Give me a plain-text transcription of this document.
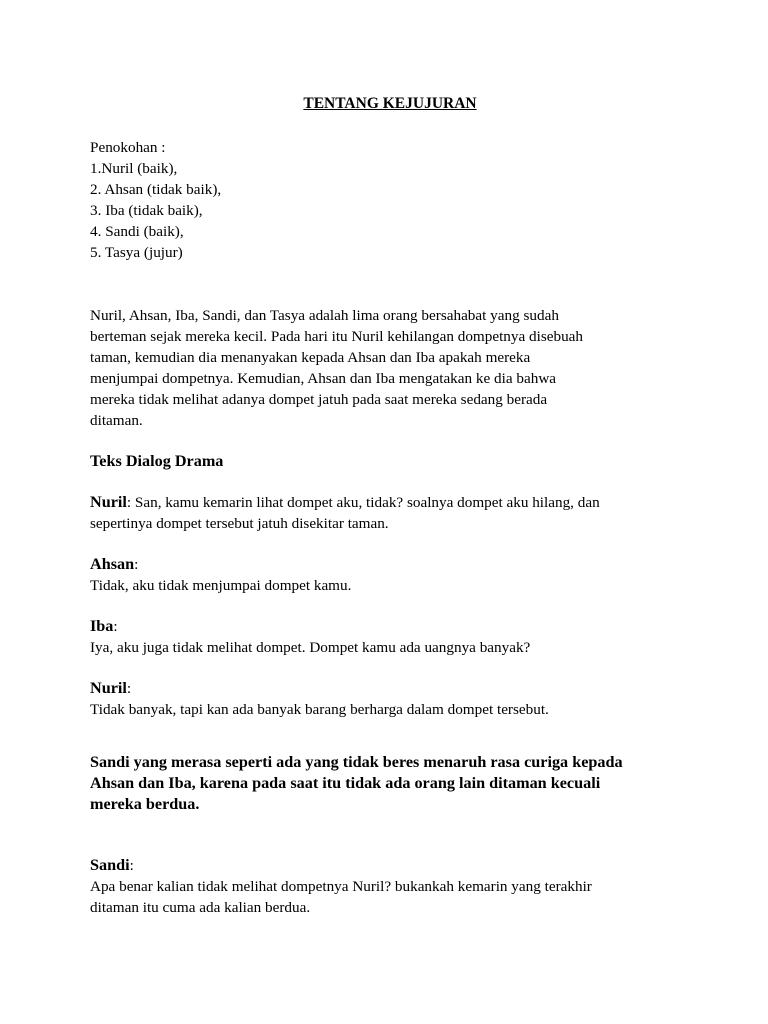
TENTANG KEJUJURAN
Penokohan :
1.Nuril (baik),
2. Ahsan (tidak baik),
3. Iba (tidak baik),
4. Sandi (baik),
5. Tasya (jujur)
Nuril, Ahsan, Iba, Sandi, dan Tasya adalah lima orang bersahabat yang sudah
berteman sejak mereka kecil. Pada hari itu Nuril kehilangan dompetnya disebuah
taman, kemudian dia menanyakan kepada Ahsan dan Iba apakah mereka
menjumpai dompetnya. Kemudian, Ahsan dan Iba mengatakan ke dia bahwa
mereka tidak melihat adanya dompet jatuh pada saat mereka sedang berada
ditaman.
Teks Dialog Drama
Nuril: San, kamu kemarin lihat dompet aku, tidak? soalnya dompet aku hilang, dan
sepertinya dompet tersebut jatuh disekitar taman.
Ahsan:
Tidak, aku tidak menjumpai dompet kamu.
Iba:
Iya, aku juga tidak melihat dompet. Dompet kamu ada uangnya banyak?
Nuril:
Tidak banyak, tapi kan ada banyak barang berharga dalam dompet tersebut.
Sandi yang merasa seperti ada yang tidak beres menaruh rasa curiga kepada
Ahsan dan Iba, karena pada saat itu tidak ada orang lain ditaman kecuali
mereka berdua.
Sandi:
Apa benar kalian tidak melihat dompetnya Nuril? bukankah kemarin yang terakhir
ditaman itu cuma ada kalian berdua.
